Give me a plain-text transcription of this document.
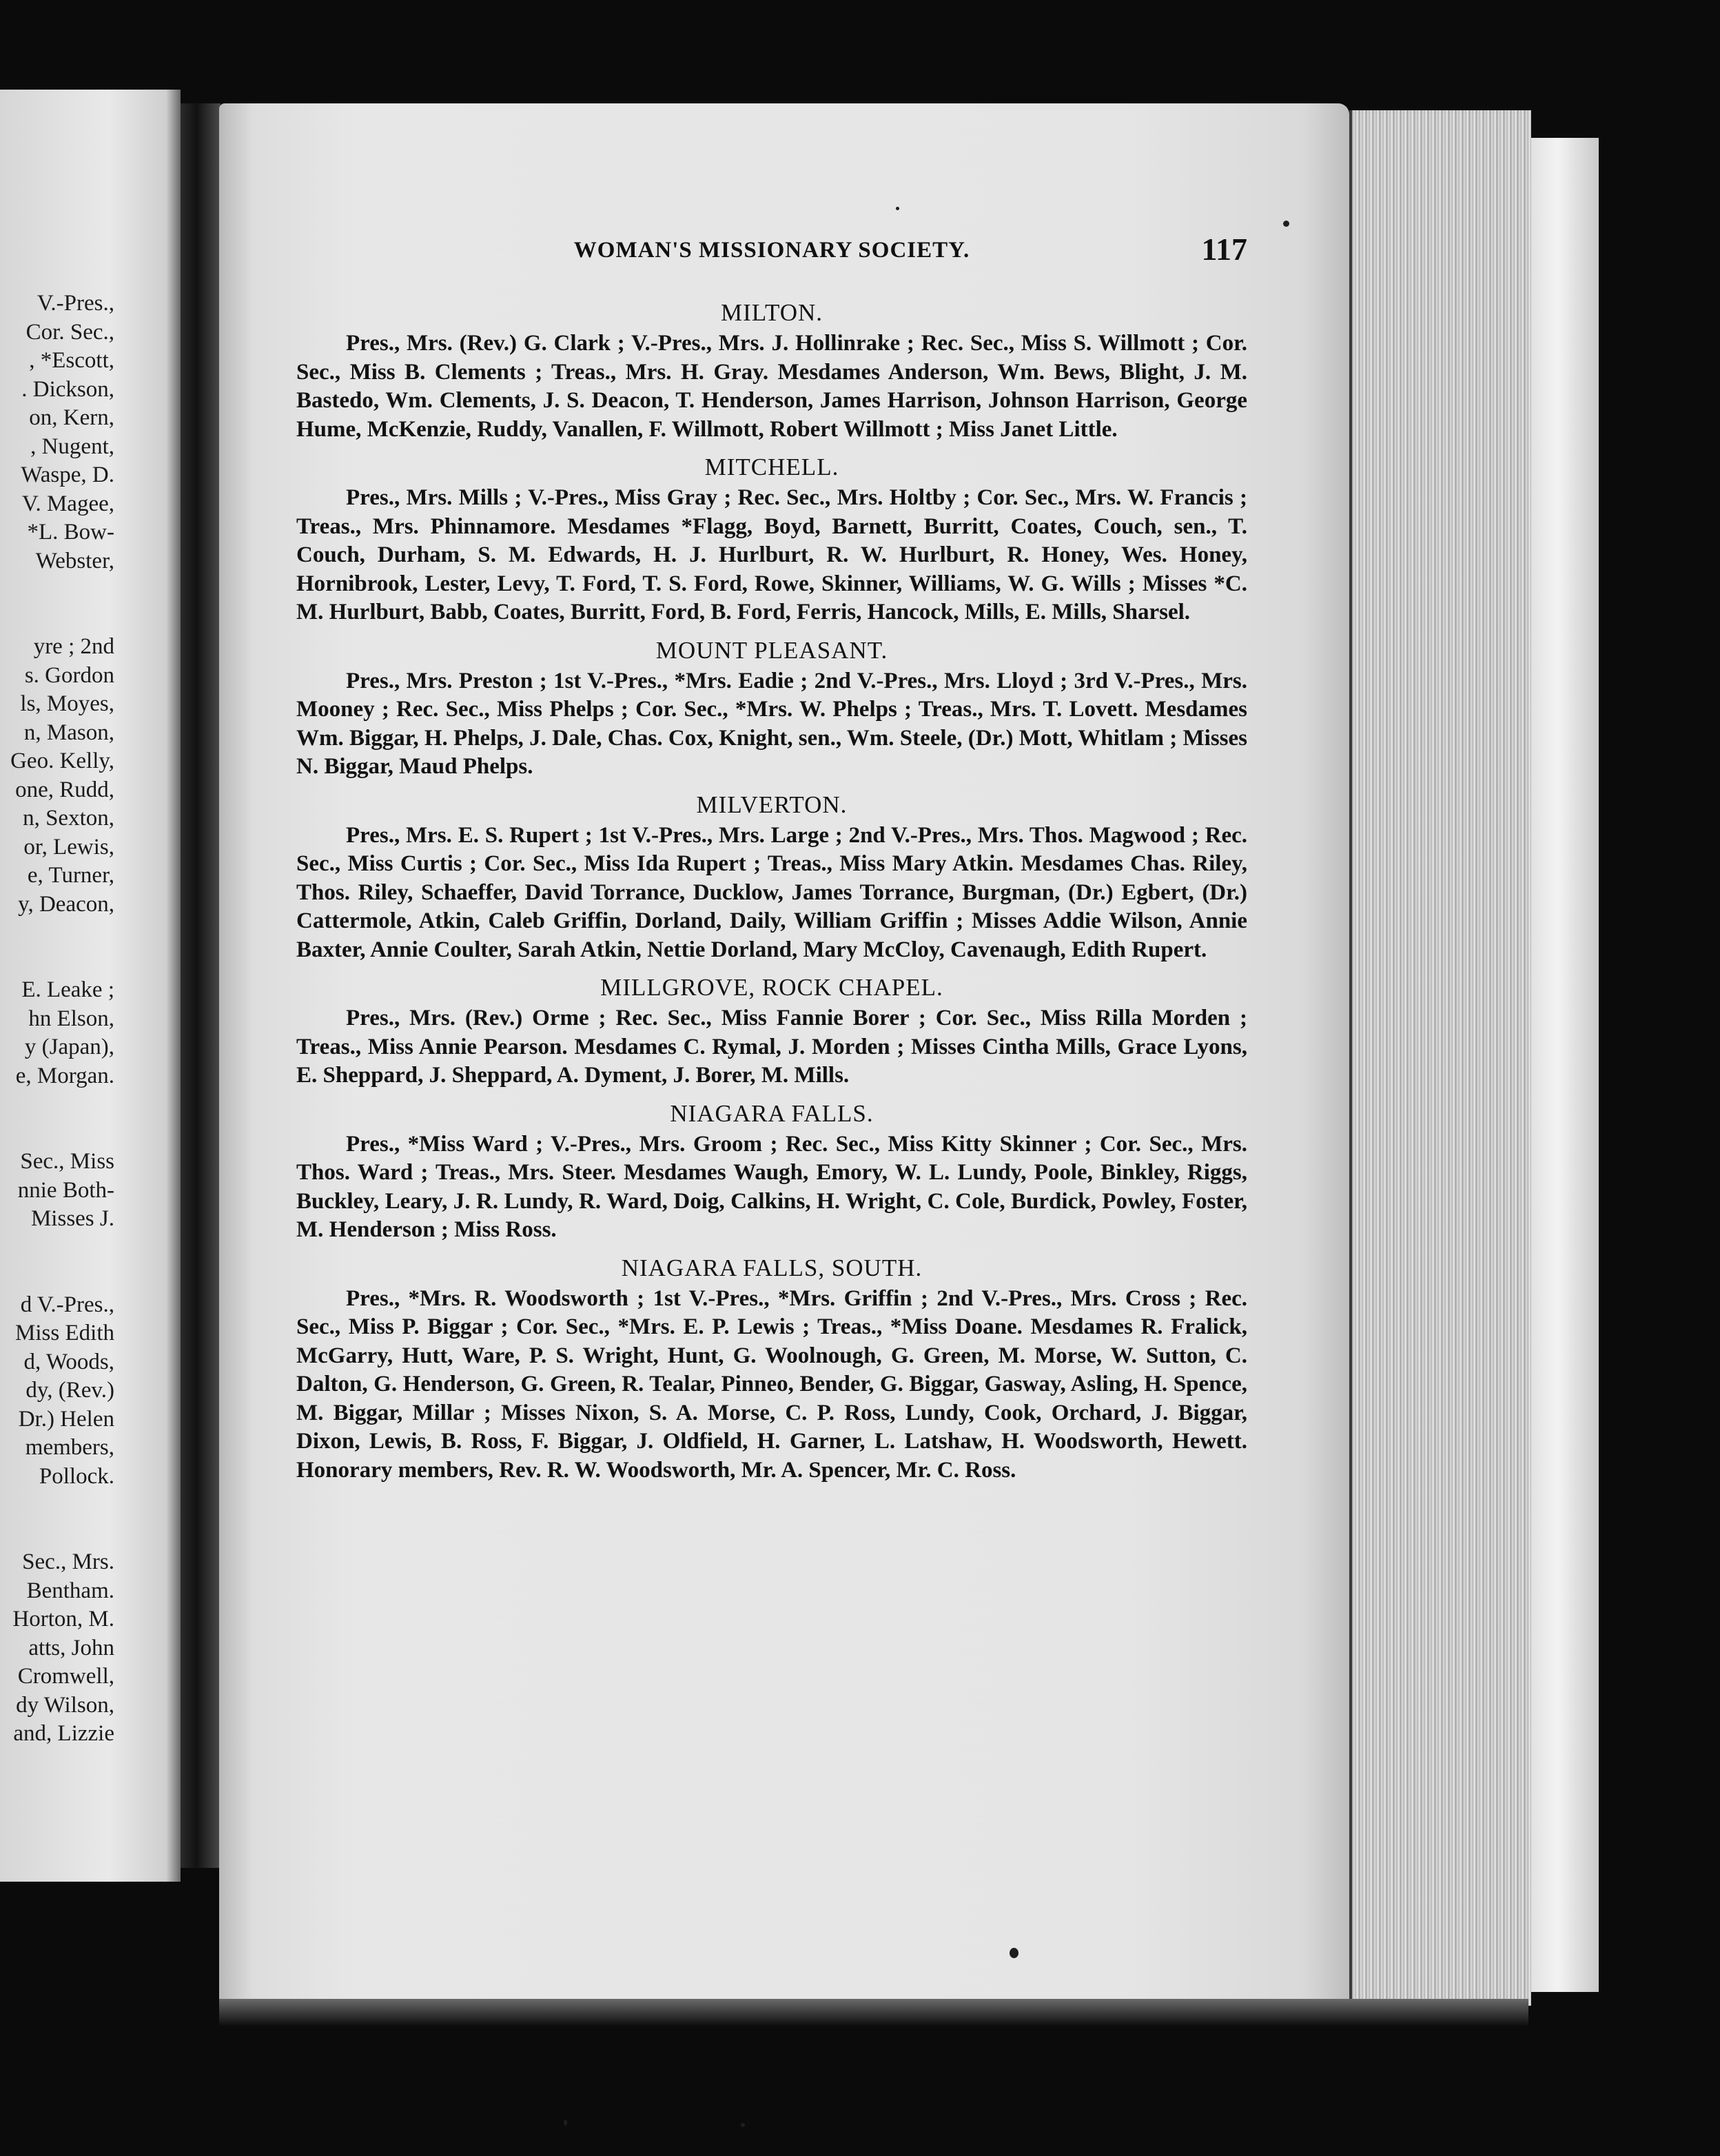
V.-Pres.,
Cor. Sec.,
, *Escott,
. Dickson,
on, Kern,
, Nugent,
Waspe, D.
V. Magee,
*L. Bow-
Webster,
yre ; 2nd
s. Gordon
ls, Moyes,
n, Mason,
Geo. Kelly,
one, Rudd,
n, Sexton,
or, Lewis,
e, Turner,
y, Deacon,
E. Leake ;
hn Elson,
y (Japan),
e, Morgan.
Sec., Miss
nnie Both-
Misses J.
d V.-Pres.,
Miss Edith
d, Woods,
dy, (Rev.)
Dr.) Helen
members,
Pollock.
Sec., Mrs.
Bentham.
Horton, M.
atts, John
Cromwell,
dy Wilson,
and, Lizzie
WOMAN'S MISSIONARY SOCIETY.	117
MILTON.

Pres., Mrs. (Rev.) G. Clark ; V.-Pres., Mrs. J. Hollinrake ; Rec. Sec., Miss S. Willmott ; Cor. Sec., Miss B. Clements ; Treas., Mrs. H. Gray. Mesdames Anderson, Wm. Bews, Blight, J. M. Bastedo, Wm. Clements, J. S. Deacon, T. Henderson, James Harrison, Johnson Harrison, George Hume, McKenzie, Ruddy, Vanallen, F. Willmott, Robert Willmott ; Miss Janet Little.

MITCHELL.

Pres., Mrs. Mills ; V.-Pres., Miss Gray ; Rec. Sec., Mrs. Holtby ; Cor. Sec., Mrs. W. Francis ; Treas., Mrs. Phinnamore. Mesdames *Flagg, Boyd, Barnett, Burritt, Coates, Couch, sen., T. Couch, Durham, S. M. Edwards, H. J. Hurlburt, R. W. Hurlburt, R. Honey, Wes. Honey, Hornibrook, Lester, Levy, T. Ford, T. S. Ford, Rowe, Skinner, Williams, W. G. Wills ; Misses *C. M. Hurlburt, Babb, Coates, Burritt, Ford, B. Ford, Ferris, Hancock, Mills, E. Mills, Sharsel.

MOUNT PLEASANT.

Pres., Mrs. Preston ; 1st V.-Pres., *Mrs. Eadie ; 2nd V.-Pres., Mrs. Lloyd ; 3rd V.-Pres., Mrs. Mooney ; Rec. Sec., Miss Phelps ; Cor. Sec., *Mrs. W. Phelps ; Treas., Mrs. T. Lovett. Mesdames Wm. Biggar, H. Phelps, J. Dale, Chas. Cox, Knight, sen., Wm. Steele, (Dr.) Mott, Whitlam ; Misses N. Biggar, Maud Phelps.

MILVERTON.

Pres., Mrs. E. S. Rupert ; 1st V.-Pres., Mrs. Large ; 2nd V.-Pres., Mrs. Thos. Magwood ; Rec. Sec., Miss Curtis ; Cor. Sec., Miss Ida Rupert ; Treas., Miss Mary Atkin. Mesdames Chas. Riley, Thos. Riley, Schaeffer, David Torrance, Ducklow, James Torrance, Burgman, (Dr.) Egbert, (Dr.) Cattermole, Atkin, Caleb Griffin, Dorland, Daily, William Griffin ; Misses Addie Wilson, Annie Baxter, Annie Coulter, Sarah Atkin, Nettie Dorland, Mary McCloy, Cavenaugh, Edith Rupert.

MILLGROVE, ROCK CHAPEL.

Pres., Mrs. (Rev.) Orme ; Rec. Sec., Miss Fannie Borer ; Cor. Sec., Miss Rilla Morden ; Treas., Miss Annie Pearson. Mesdames C. Rymal, J. Morden ; Misses Cintha Mills, Grace Lyons, E. Sheppard, J. Sheppard, A. Dyment, J. Borer, M. Mills.

NIAGARA FALLS.

Pres., *Miss Ward ; V.-Pres., Mrs. Groom ; Rec. Sec., Miss Kitty Skinner ; Cor. Sec., Mrs. Thos. Ward ; Treas., Mrs. Steer. Mesdames Waugh, Emory, W. L. Lundy, Poole, Binkley, Riggs, Buckley, Leary, J. R. Lundy, R. Ward, Doig, Calkins, H. Wright, C. Cole, Burdick, Powley, Foster, M. Henderson ; Miss Ross.

NIAGARA FALLS, SOUTH.

Pres., *Mrs. R. Woodsworth ; 1st V.-Pres., *Mrs. Griffin ; 2nd V.-Pres., Mrs. Cross ; Rec. Sec., Miss P. Biggar ; Cor. Sec., *Mrs. E. P. Lewis ; Treas., *Miss Doane. Mesdames R. Fralick, McGarry, Hutt, Ware, P. S. Wright, Hunt, G. Woolnough, G. Green, M. Morse, W. Sutton, C. Dalton, G. Henderson, G. Green, R. Tealar, Pinneo, Bender, G. Biggar, Gasway, Asling, H. Spence, M. Biggar, Millar ; Misses Nixon, S. A. Morse, C. P. Ross, Lundy, Cook, Orchard, J. Biggar, Dixon, Lewis, B. Ross, F. Biggar, J. Oldfield, H. Garner, L. Latshaw, H. Woodsworth, Hewett. Honorary members, Rev. R. W. Woodsworth, Mr. A. Spencer, Mr. C. Ross.
